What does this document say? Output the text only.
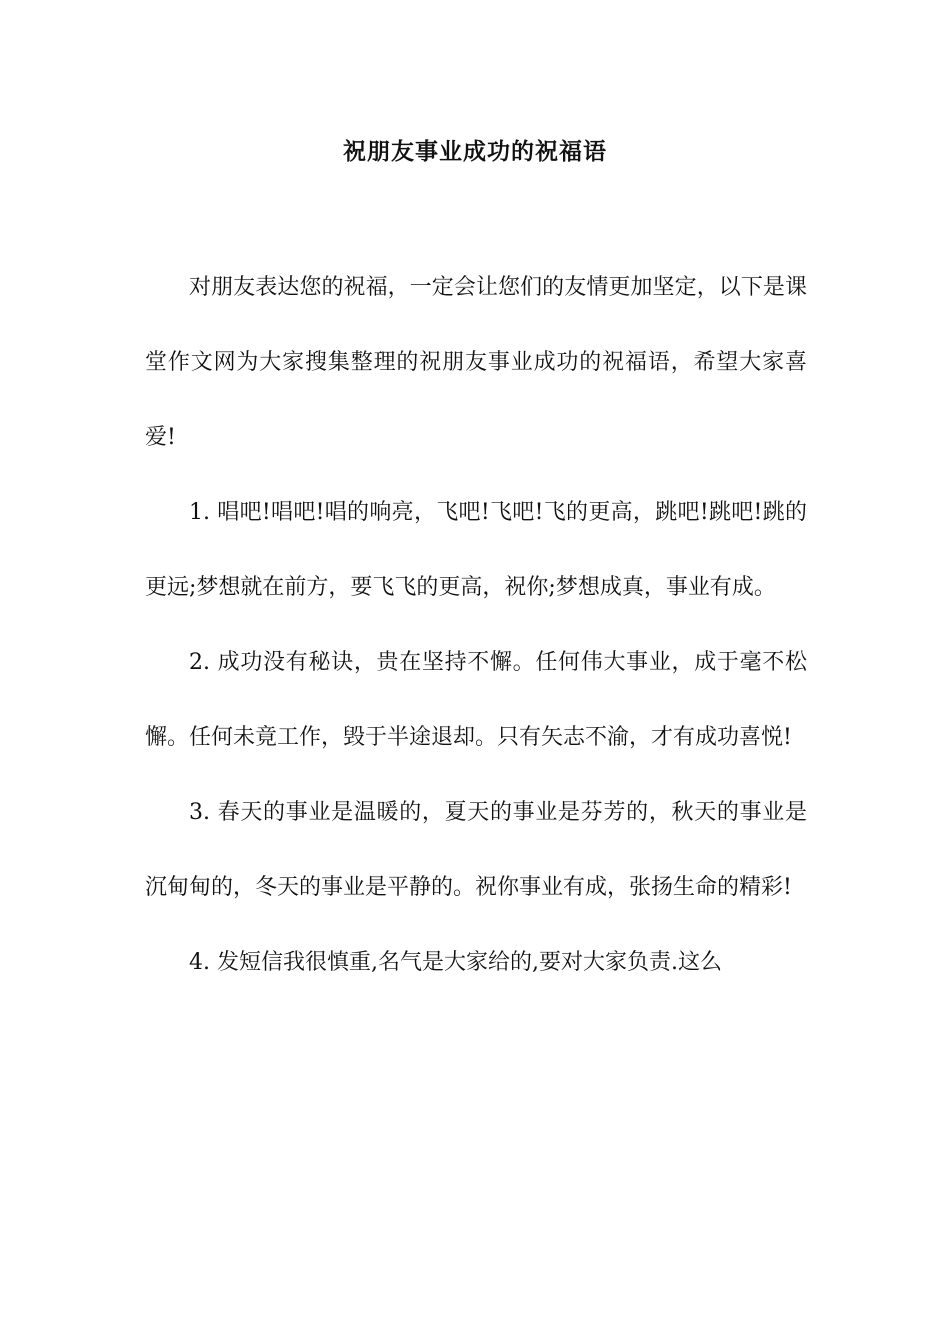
祝朋友事业成功的祝福语

对朋友表达您的祝福，一定会让您们的友情更加坚定，以下是课堂作文网为大家搜集整理的祝朋友事业成功的祝福语，希望大家喜爱!

1. 唱吧!唱吧!唱的响亮，飞吧!飞吧!飞的更高，跳吧!跳吧!跳的更远;梦想就在前方，要飞飞的更高，祝你;梦想成真，事业有成。

2. 成功没有秘诀，贵在坚持不懈。任何伟大事业，成于毫不松懈。任何未竟工作，毁于半途退却。只有矢志不渝，才有成功喜悦!

3. 春天的事业是温暖的，夏天的事业是芬芳的，秋天的事业是沉甸甸的，冬天的事业是平静的。祝你事业有成，张扬生命的精彩!

4. 发短信我很慎重,名气是大家给的,要对大家负责.这么
